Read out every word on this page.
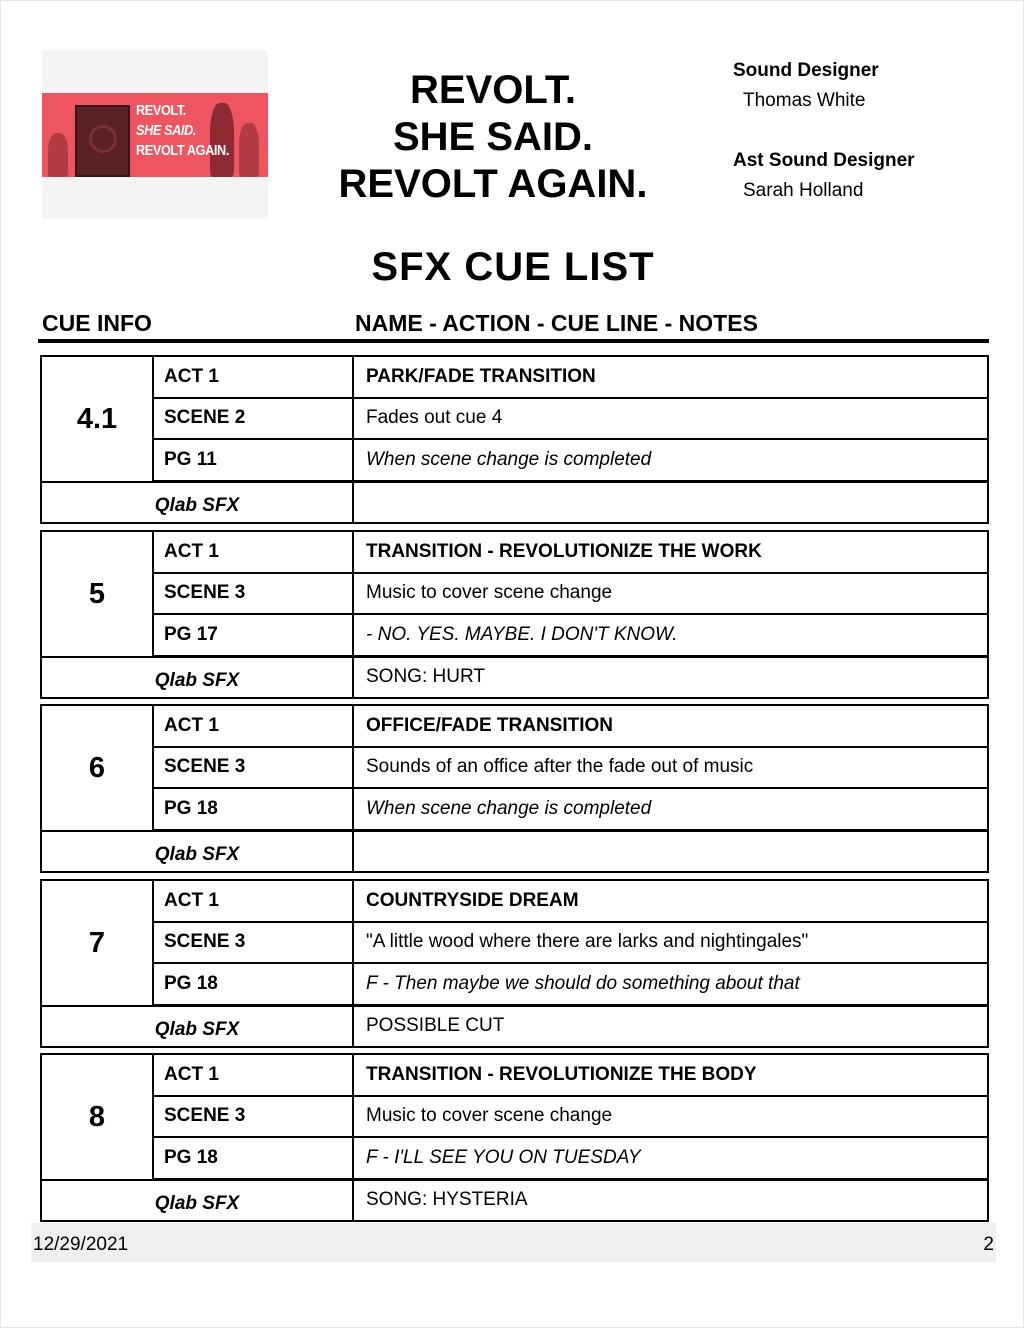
REVOLT.
SHE SAID.
REVOLT AGAIN.
REVOLT.
SHE SAID.
REVOLT AGAIN.
Sound Designer
Thomas White
Ast Sound Designer
Sarah Holland
SFX CUE LIST
CUE INFO	NAME - ACTION - CUE LINE - NOTES
4.1
ACT 1	PARK/FADE TRANSITION
SCENE 2	Fades out cue 4
PG 11	When scene change is completed
Qlab SFX
5
ACT 1	TRANSITION - REVOLUTIONIZE THE WORK
SCENE 3	Music to cover scene change
PG 17	- NO. YES. MAYBE. I DON'T KNOW.
Qlab SFX	SONG: HURT
6
ACT 1	OFFICE/FADE TRANSITION
SCENE 3	Sounds of an office after the fade out of music
PG 18	When scene change is completed
Qlab SFX
7
ACT 1	COUNTRYSIDE DREAM
SCENE 3	"A little wood where there are larks and nightingales"
PG 18	F - Then maybe we should do something about that
Qlab SFX	POSSIBLE CUT
8
ACT 1	TRANSITION - REVOLUTIONIZE THE BODY
SCENE 3	Music to cover scene change
PG 18	F - I'LL SEE YOU ON TUESDAY
Qlab SFX	SONG: HYSTERIA
12/29/2021	2
